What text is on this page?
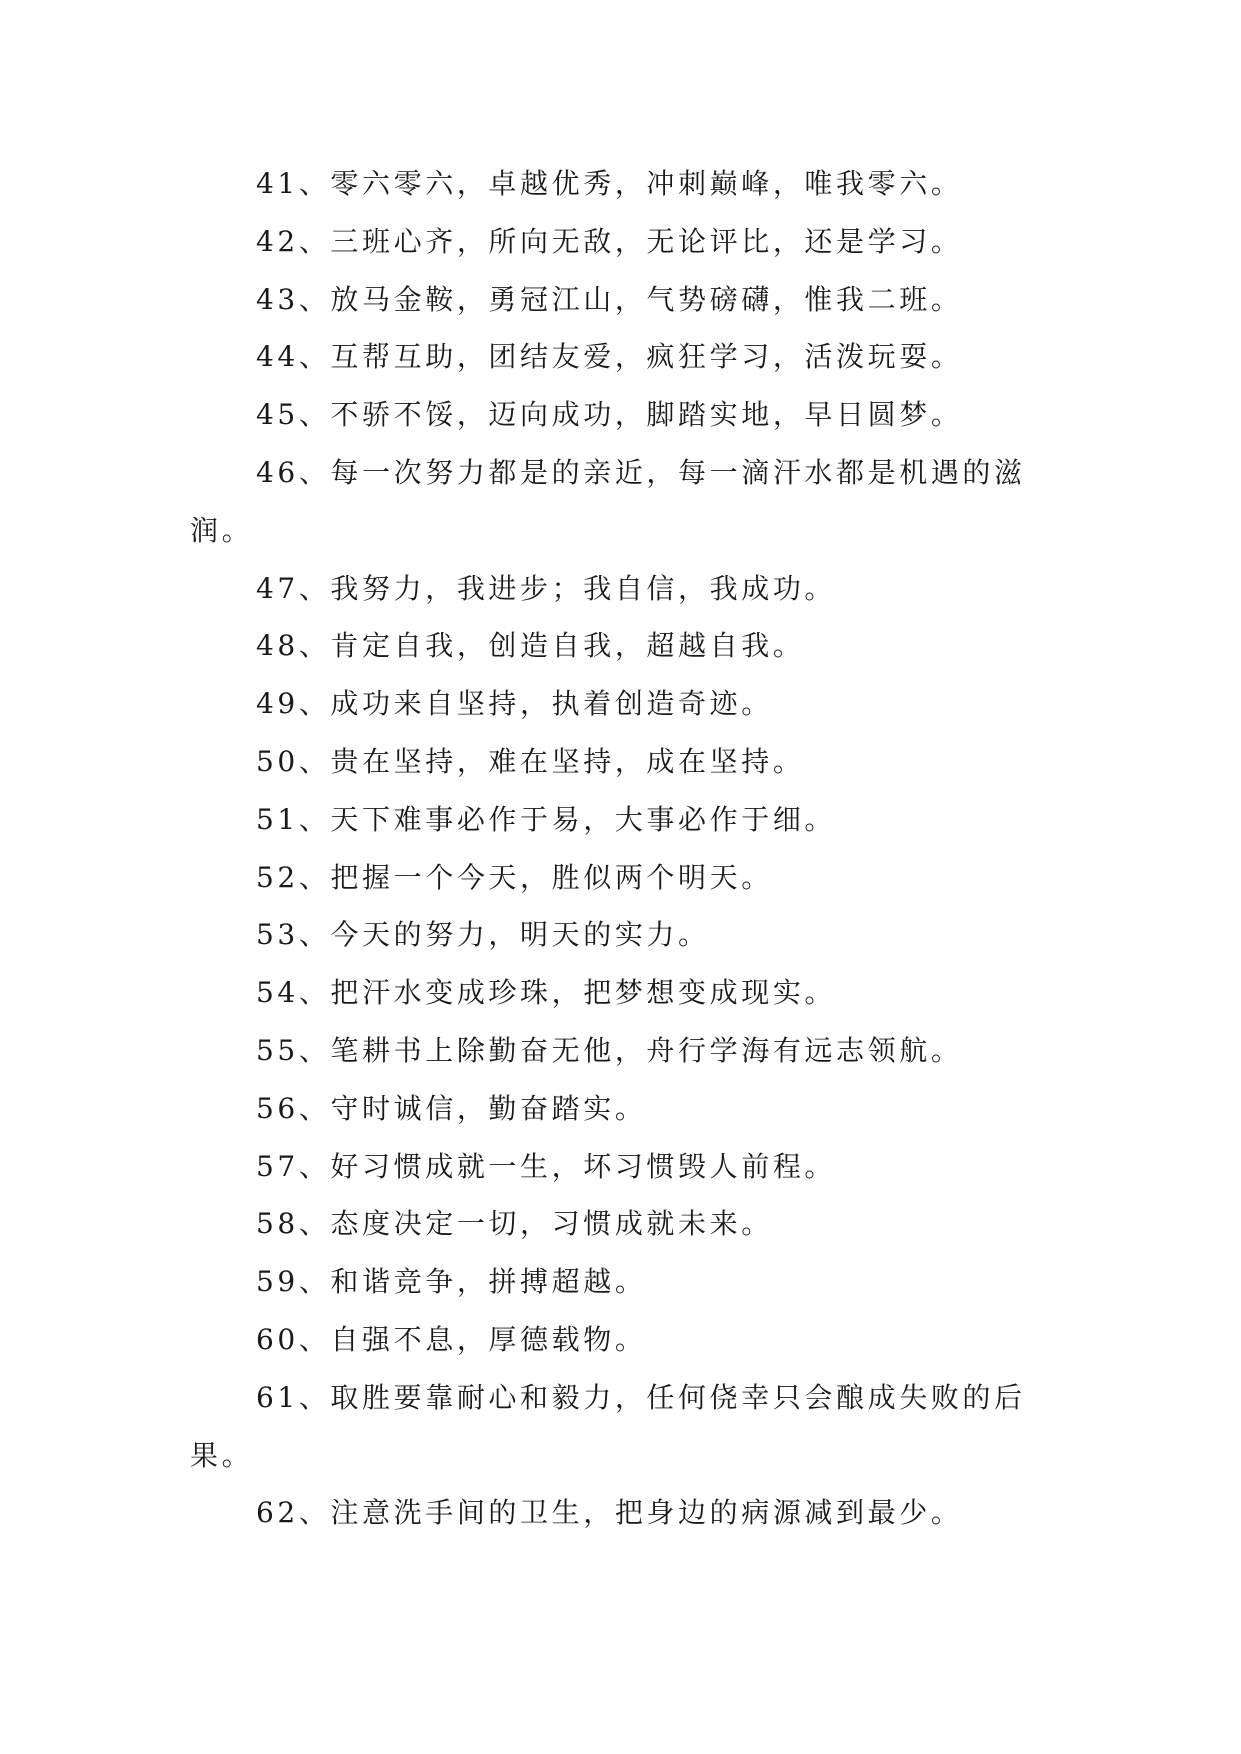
41、零六零六，卓越优秀，冲刺巅峰，唯我零六。

42、三班心齐，所向无敌，无论评比，还是学习。

43、放马金鞍，勇冠江山，气势磅礴，惟我二班。

44、互帮互助，团结友爱，疯狂学习，活泼玩耍。

45、不骄不馁，迈向成功，脚踏实地，早日圆梦。

46、每一次努力都是的亲近，每一滴汗水都是机遇的滋润。

47、我努力，我进步；我自信，我成功。

48、肯定自我，创造自我，超越自我。

49、成功来自坚持，执着创造奇迹。

50、贵在坚持，难在坚持，成在坚持。

51、天下难事必作于易，大事必作于细。

52、把握一个今天，胜似两个明天。

53、今天的努力，明天的实力。

54、把汗水变成珍珠，把梦想变成现实。

55、笔耕书上除勤奋无他，舟行学海有远志领航。

56、守时诚信，勤奋踏实。

57、好习惯成就一生，坏习惯毁人前程。

58、态度决定一切，习惯成就未来。

59、和谐竞争，拼搏超越。

60、自强不息，厚德载物。

61、取胜要靠耐心和毅力，任何侥幸只会酿成失败的后果。

62、注意洗手间的卫生，把身边的病源减到最少。
